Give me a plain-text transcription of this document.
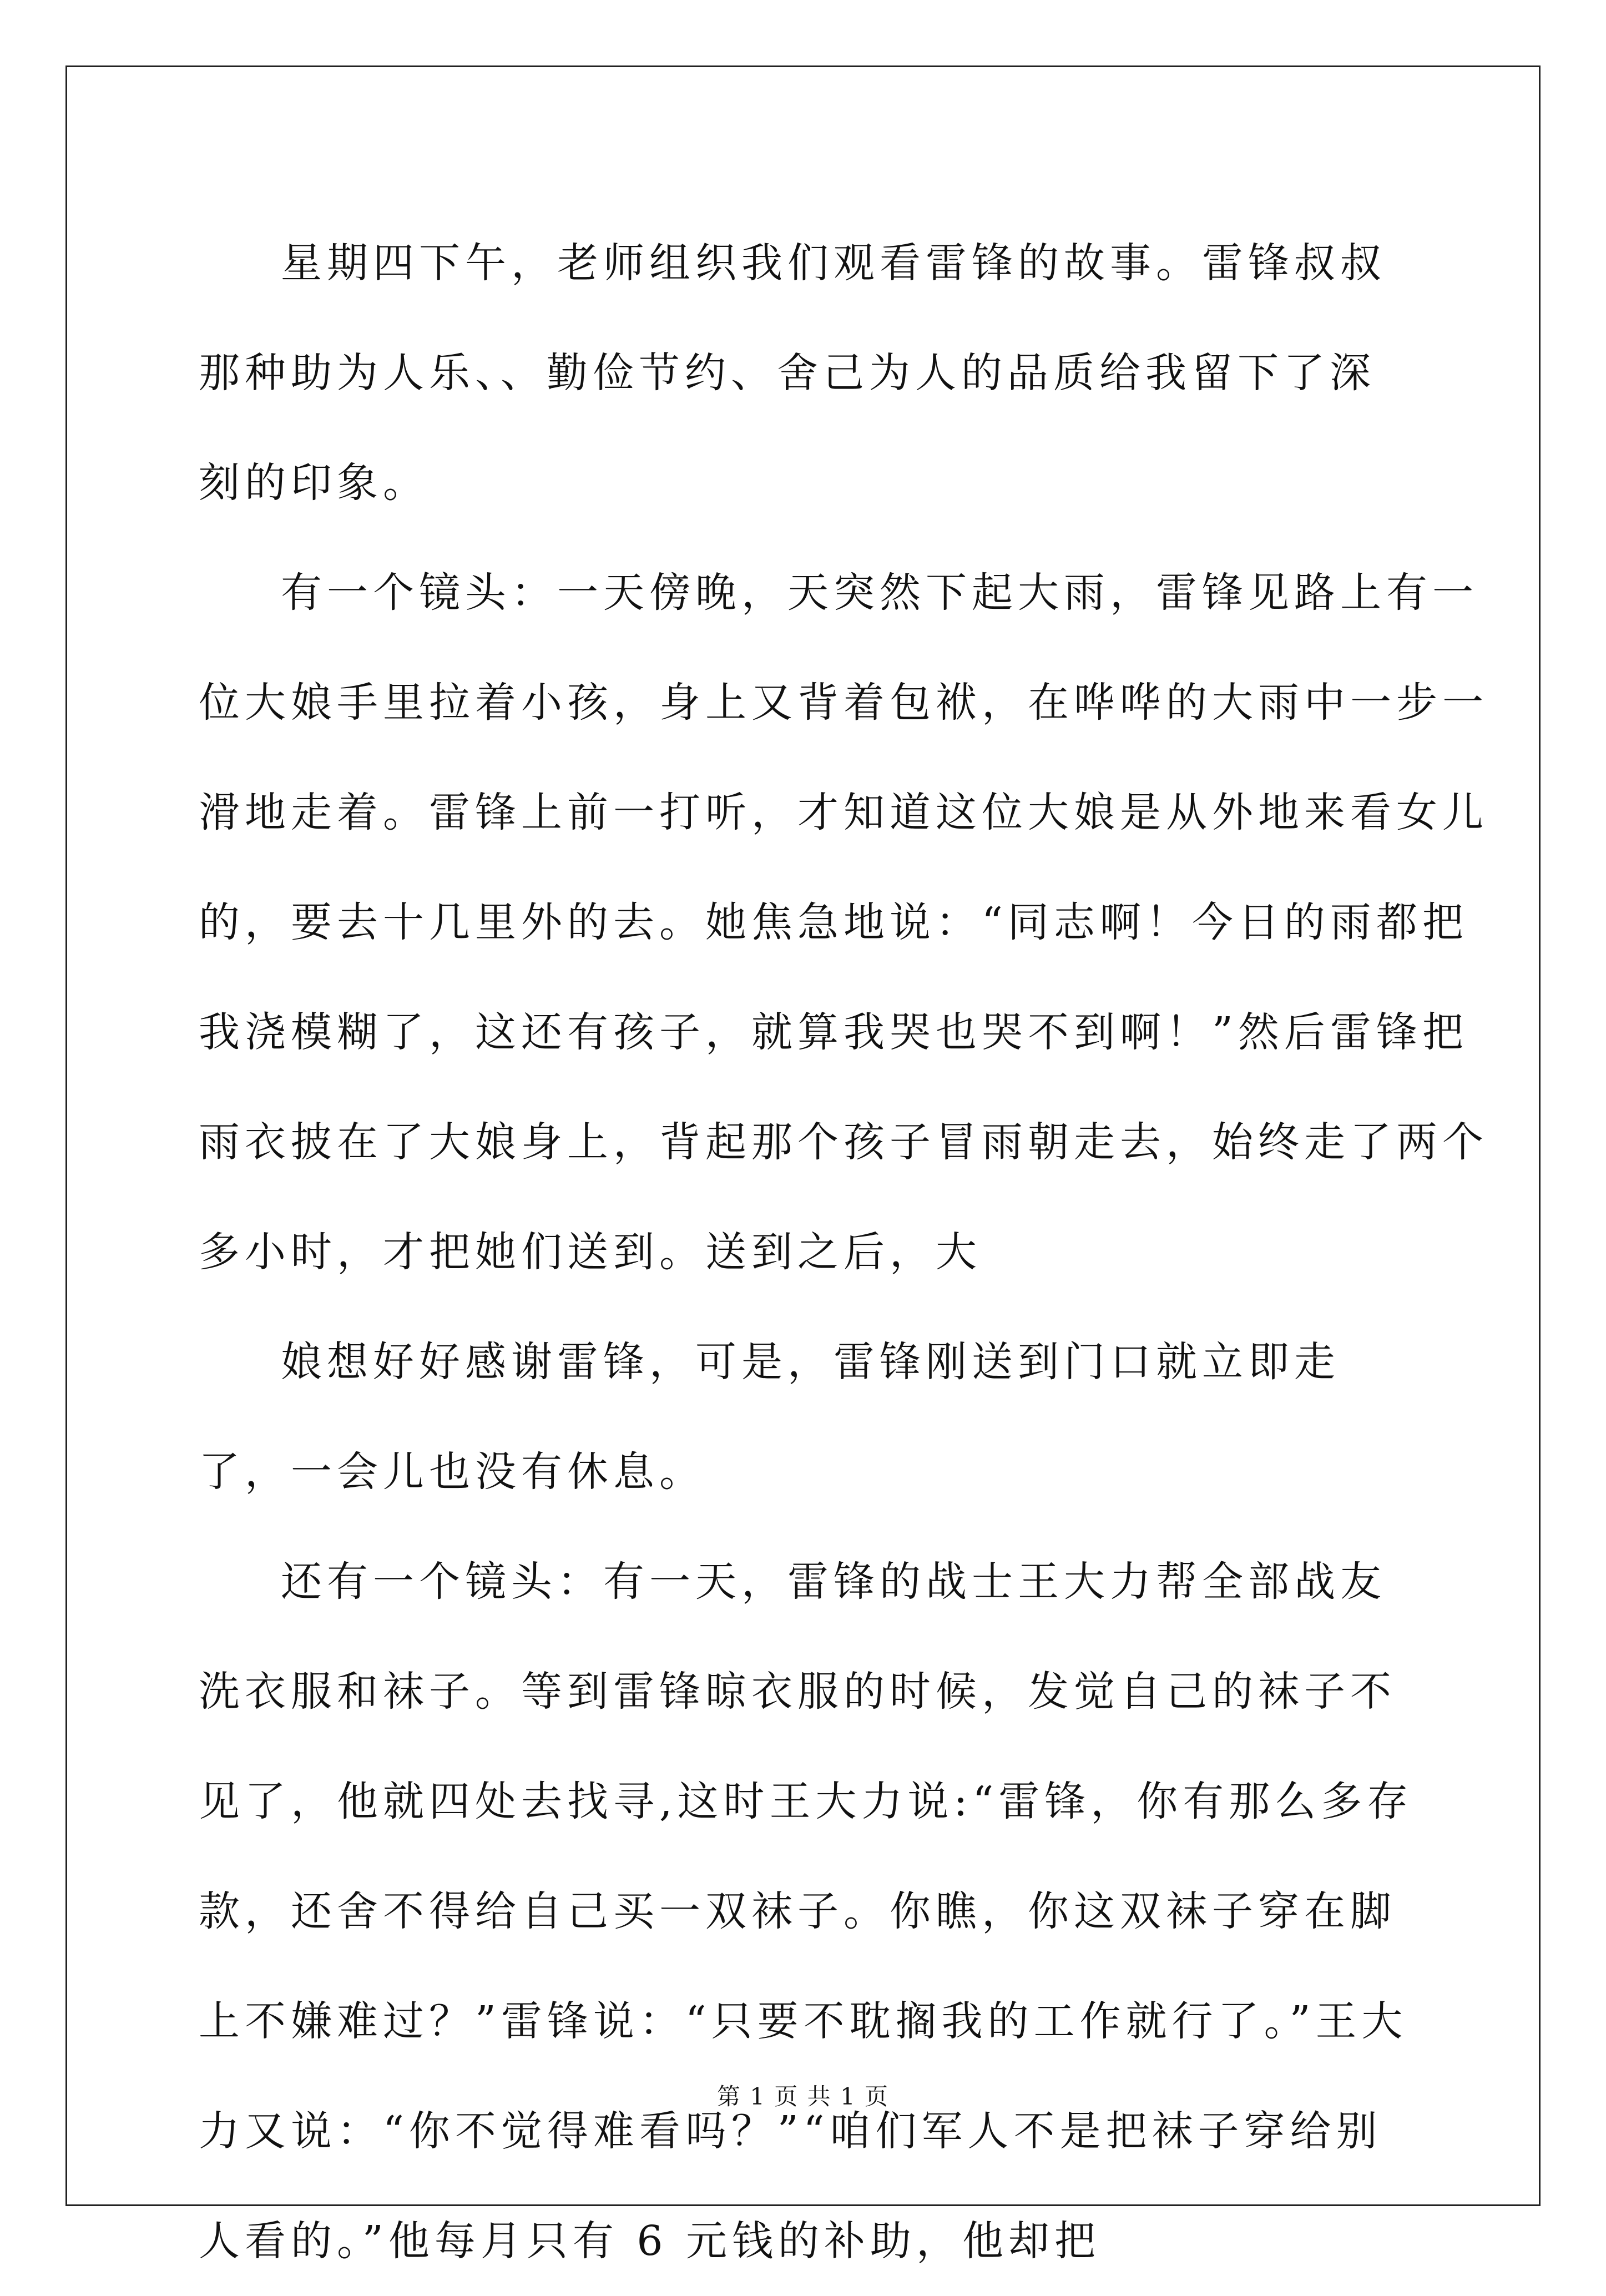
星期四下午，老师组织我们观看雷锋的故事。雷锋叔叔那种助为人乐、、勤俭节约、舍己为人的品质给我留下了深刻的印象。

有一个镜头：一天傍晚，天突然下起大雨，雷锋见路上有一位大娘手里拉着小孩，身上又背着包袱，在哗哗的大雨中一步一滑地走着。雷锋上前一打听，才知道这位大娘是从外地来看女儿的，要去十几里外的去。她焦急地说：“同志啊！今日的雨都把我浇模糊了，这还有孩子，就算我哭也哭不到啊！”然后雷锋把雨衣披在了大娘身上，背起那个孩子冒雨朝走去，始终走了两个多小时，才把她们送到。送到之后，大

娘想好好感谢雷锋，可是，雷锋刚送到门口就立即走了，一会儿也没有休息。

还有一个镜头：有一天，雷锋的战士王大力帮全部战友洗衣服和袜子。等到雷锋晾衣服的时候，发觉自己的袜子不见了，他就四处去找寻,这时王大力说:“雷锋，你有那么多存款，还舍不得给自己买一双袜子。你瞧，你这双袜子穿在脚上不嫌难过？”雷锋说：“只要不耽搁我的工作就行了。”王大力又说：“你不觉得难看吗？”“咱们军人不是把袜子穿给别人看的。”他每月只有 6 元钱的补助，他却把

第 1 页 共 1 页
